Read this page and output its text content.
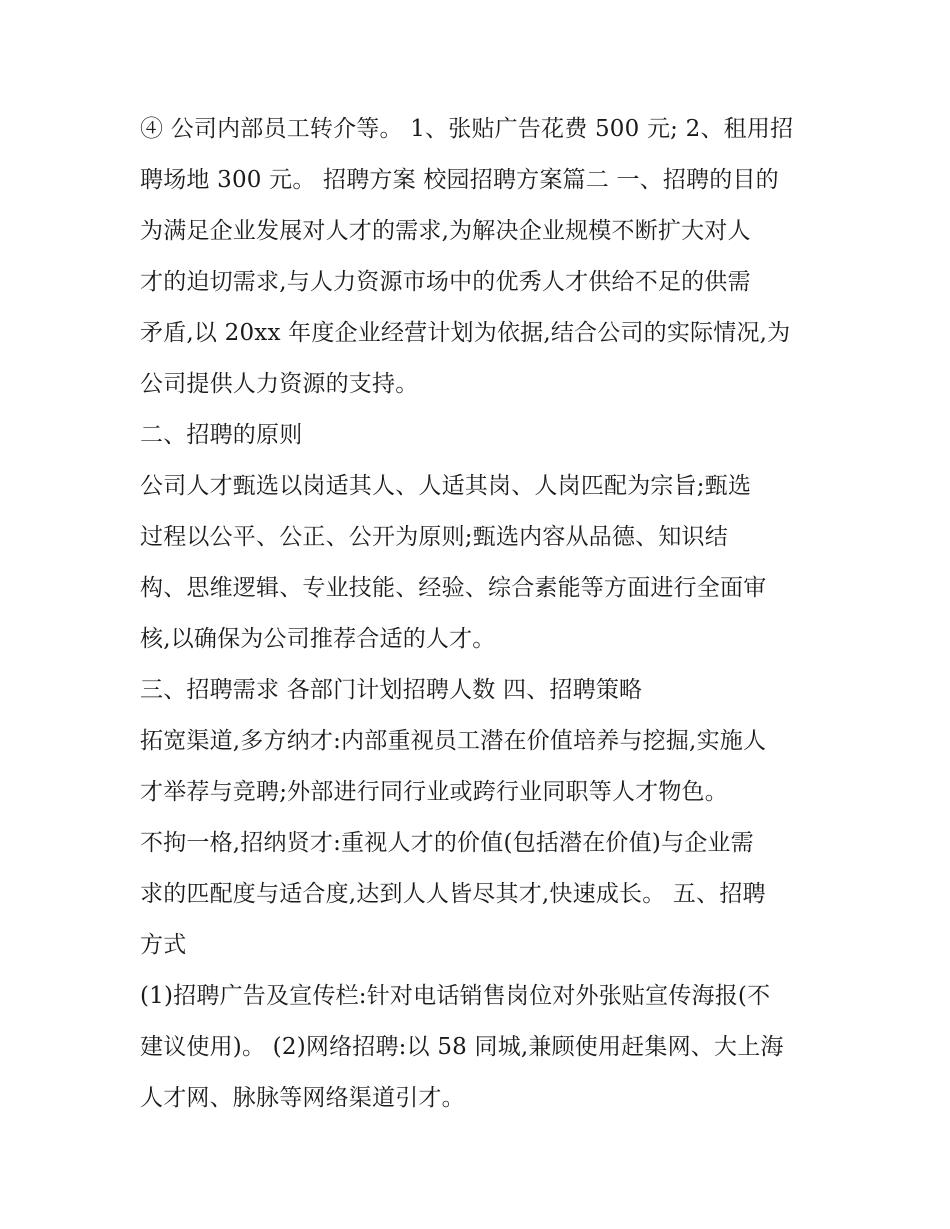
④ 公司内部员工转介等。 1、张贴广告花费 500 元; 2、租用招
聘场地 300 元。 招聘方案 校园招聘方案篇二 一、招聘的目的
为满足企业发展对人才的需求,为解决企业规模不断扩大对人
才的迫切需求,与人力资源市场中的优秀人才供给不足的供需
矛盾,以 20xx 年度企业经营计划为依据,结合公司的实际情况,为
公司提供人力资源的支持。
二、招聘的原则
公司人才甄选以岗适其人、人适其岗、人岗匹配为宗旨;甄选
过程以公平、公正、公开为原则;甄选内容从品德、知识结
构、思维逻辑、专业技能、经验、综合素能等方面进行全面审
核,以确保为公司推荐合适的人才。
三、招聘需求 各部门计划招聘人数 四、招聘策略
拓宽渠道,多方纳才:内部重视员工潜在价值培养与挖掘,实施人
才举荐与竞聘;外部进行同行业或跨行业同职等人才物色。
不拘一格,招纳贤才:重视人才的价值(包括潜在价值)与企业需
求的匹配度与适合度,达到人人皆尽其才,快速成长。 五、招聘
方式
(1)招聘广告及宣传栏:针对电话销售岗位对外张贴宣传海报(不
建议使用)。 (2)网络招聘:以 58 同城,兼顾使用赶集网、大上海
人才网、脉脉等网络渠道引才。
